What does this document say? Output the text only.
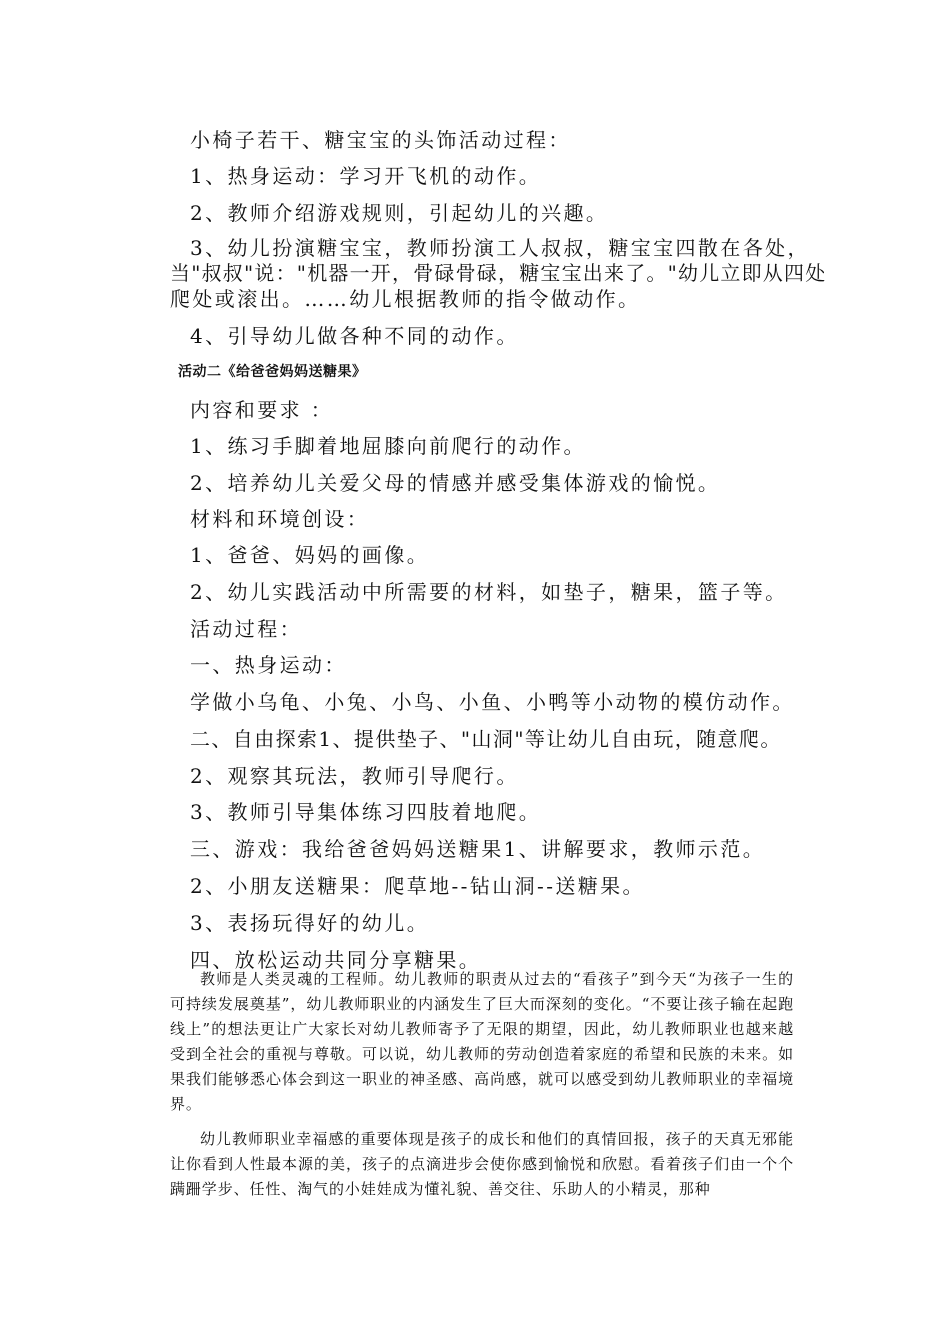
小椅子若干、糖宝宝的头饰活动过程：
1、热身运动：学习开飞机的动作。
2、教师介绍游戏规则，引起幼儿的兴趣。
3、幼儿扮演糖宝宝，教师扮演工人叔叔，糖宝宝四散在各处，
当"叔叔"说："机器一开，骨碌骨碌，糖宝宝出来了。"幼儿立即从四处
爬处或滚出。……幼儿根据教师的指令做动作。
4、引导幼儿做各种不同的动作。
活动二《给爸爸妈妈送糖果》
内容和要求 ：
1、练习手脚着地屈膝向前爬行的动作。
2、培养幼儿关爱父母的情感并感受集体游戏的愉悦。
材料和环境创设：
1、爸爸、妈妈的画像。
2、幼儿实践活动中所需要的材料，如垫子，糖果，篮子等。
活动过程：
一、热身运动：
学做小乌龟、小兔、小鸟、小鱼、小鸭等小动物的模仿动作。
二、自由探索1、提供垫子、"山洞"等让幼儿自由玩，随意爬。
2、观察其玩法，教师引导爬行。
3、教师引导集体练习四肢着地爬。
三、游戏：我给爸爸妈妈送糖果1、讲解要求，教师示范。
2、小朋友送糖果：爬草地--钻山洞--送糖果。
3、表扬玩得好的幼儿。
四、放松运动共同分享糖果。

教师是人类灵魂的工程师。幼儿教师的职责从过去的“看孩子”到今天“为孩子一生的可持续发展奠基”，幼儿教师职业的内涵发生了巨大而深刻的变化。“不要让孩子输在起跑线上”的想法更让广大家长对幼儿教师寄予了无限的期望，因此，幼儿教师职业也越来越受到全社会的重视与尊敬。可以说，幼儿教师的劳动创造着家庭的希望和民族的未来。如果我们能够悉心体会到这一职业的神圣感、高尚感，就可以感受到幼儿教师职业的幸福境界。

幼儿教师职业幸福感的重要体现是孩子的成长和他们的真情回报，孩子的天真无邪能让你看到人性最本源的美，孩子的点滴进步会使你感到愉悦和欣慰。看着孩子们由一个个蹒跚学步、任性、淘气的小娃娃成为懂礼貌、善交往、乐助人的小精灵，那种
